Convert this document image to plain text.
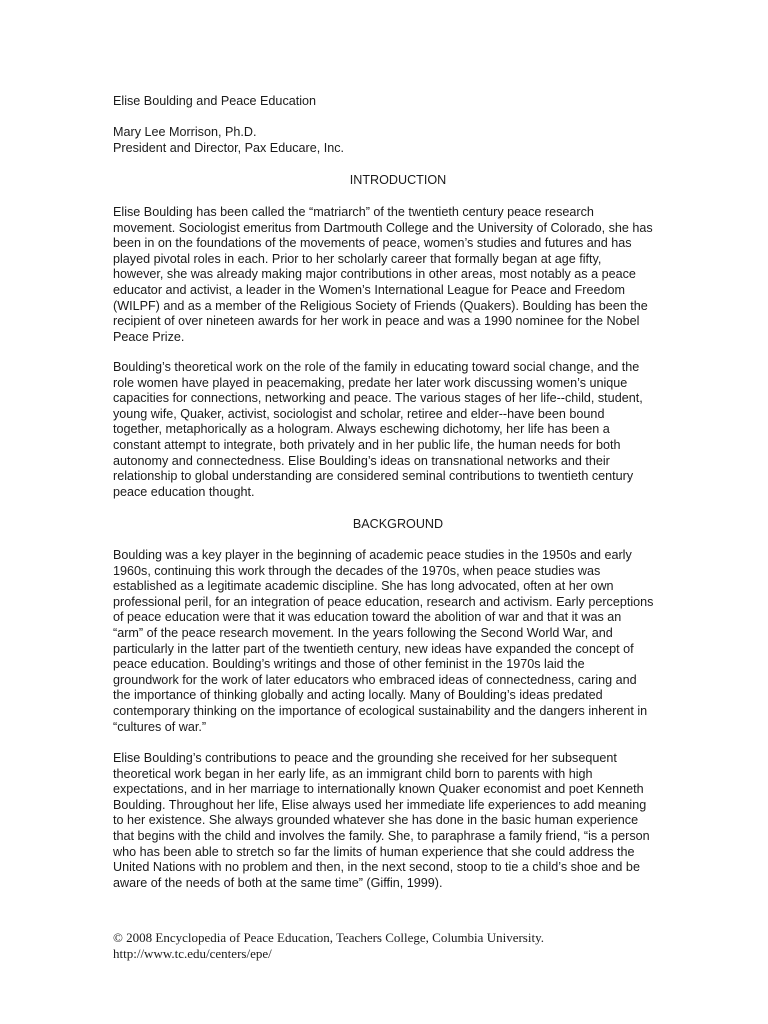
Elise Boulding and Peace Education
Mary Lee Morrison, Ph.D.
President and Director, Pax Educare, Inc.
INTRODUCTION
Elise Boulding has been called the “matriarch” of the twentieth century peace research
movement. Sociologist emeritus from Dartmouth College and the University of Colorado, she has
been in on the foundations of the movements of peace, women’s studies and futures and has
played pivotal roles in each. Prior to her scholarly career that formally began at age fifty,
however, she was already making major contributions in other areas, most notably as a peace
educator and activist, a leader in the Women’s International League for Peace and Freedom
(WILPF) and as a member of the Religious Society of Friends (Quakers). Boulding has been the
recipient of over nineteen awards for her work in peace and was a 1990 nominee for the Nobel
Peace Prize.
Boulding’s theoretical work on the role of the family in educating toward social change, and the
role women have played in peacemaking, predate her later work discussing women’s unique
capacities for connections, networking and peace. The various stages of her life--child, student,
young wife, Quaker, activist, sociologist and scholar, retiree and elder--have been bound
together, metaphorically as a hologram. Always eschewing dichotomy, her life has been a
constant attempt to integrate, both privately and in her public life, the human needs for both
autonomy and connectedness. Elise Boulding’s ideas on transnational networks and their
relationship to global understanding are considered seminal contributions to twentieth century
peace education thought.
BACKGROUND
Boulding was a key player in the beginning of academic peace studies in the 1950s and early
1960s, continuing this work through the decades of the 1970s, when peace studies was
established as a legitimate academic discipline. She has long advocated, often at her own
professional peril, for an integration of peace education, research and activism. Early perceptions
of peace education were that it was education toward the abolition of war and that it was an
“arm” of the peace research movement. In the years following the Second World War, and
particularly in the latter part of the twentieth century, new ideas have expanded the concept of
peace education. Boulding’s writings and those of other feminist in the 1970s laid the
groundwork for the work of later educators who embraced ideas of connectedness, caring and
the importance of thinking globally and acting locally. Many of Boulding’s ideas predated
contemporary thinking on the importance of ecological sustainability and the dangers inherent in
“cultures of war.”
Elise Boulding’s contributions to peace and the grounding she received for her subsequent
theoretical work began in her early life, as an immigrant child born to parents with high
expectations, and in her marriage to internationally known Quaker economist and poet Kenneth
Boulding. Throughout her life, Elise always used her immediate life experiences to add meaning
to her existence. She always grounded whatever she has done in the basic human experience
that begins with the child and involves the family. She, to paraphrase a family friend, “is a person
who has been able to stretch so far the limits of human experience that she could address the
United Nations with no problem and then, in the next second, stoop to tie a child’s shoe and be
aware of the needs of both at the same time” (Giffin, 1999).
© 2008 Encyclopedia of Peace Education, Teachers College, Columbia University.
http://www.tc.edu/centers/epe/
